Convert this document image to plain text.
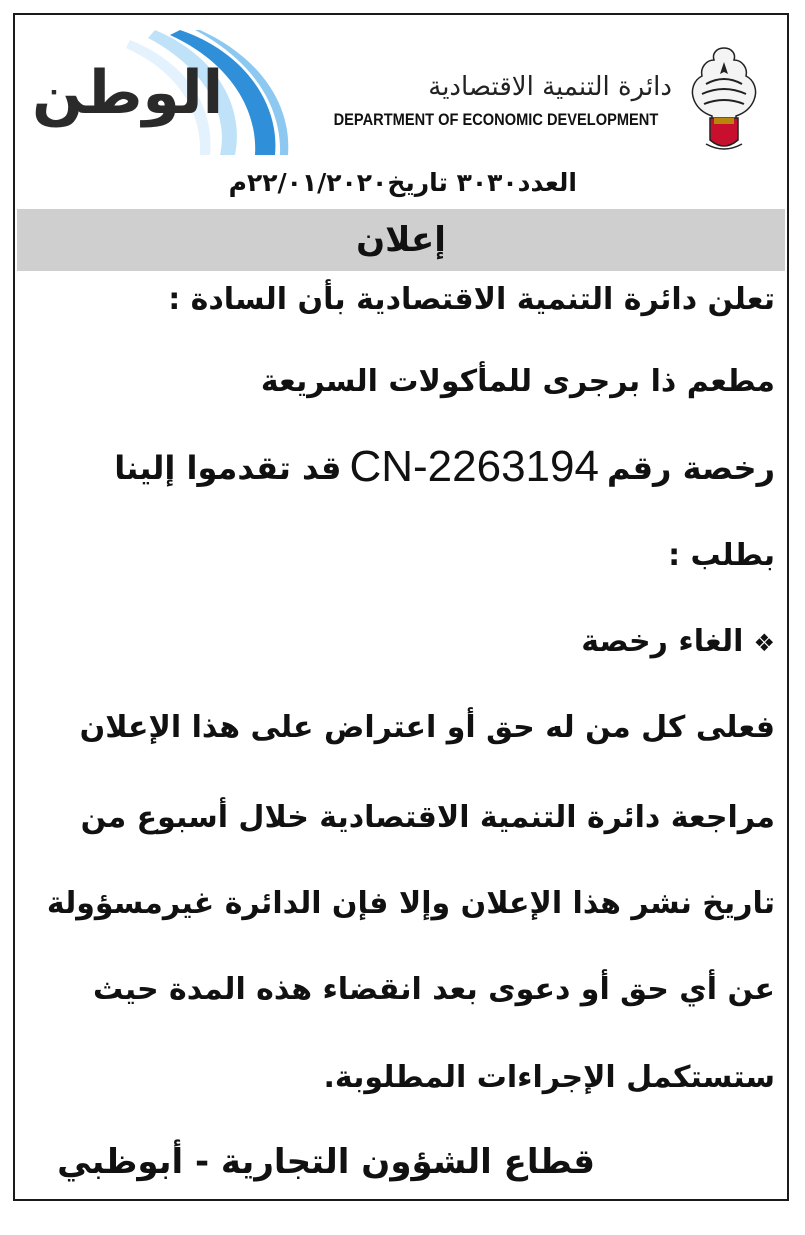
الوطن	دائرة التنمية الاقتصادية
DEPARTMENT OF ECONOMIC DEVELOPMENT
العدد٣٠٣٠ تاريخ٢٢/٠١/٢٠٢٠م
إعلان
تعلن دائرة التنمية الاقتصادية بأن السادة :
مطعم ذا برجرى للمأكولات السريعة
رخصة رقمCN-2263194قد تقدموا إلينا
بطلب :
❖الغاء رخصة
فعلى كل من له حق أو اعتراض على هذا الإعلان
مراجعة دائرة التنمية الاقتصادية خلال أسبوع من
تاريخ نشر هذا الإعلان وإلا فإن الدائرة غيرمسؤولة
عن أي حق أو دعوى بعد انقضاء هذه المدة حيث
ستستكمل الإجراءات المطلوبة.
قطاع الشؤون التجارية - أبوظبي
